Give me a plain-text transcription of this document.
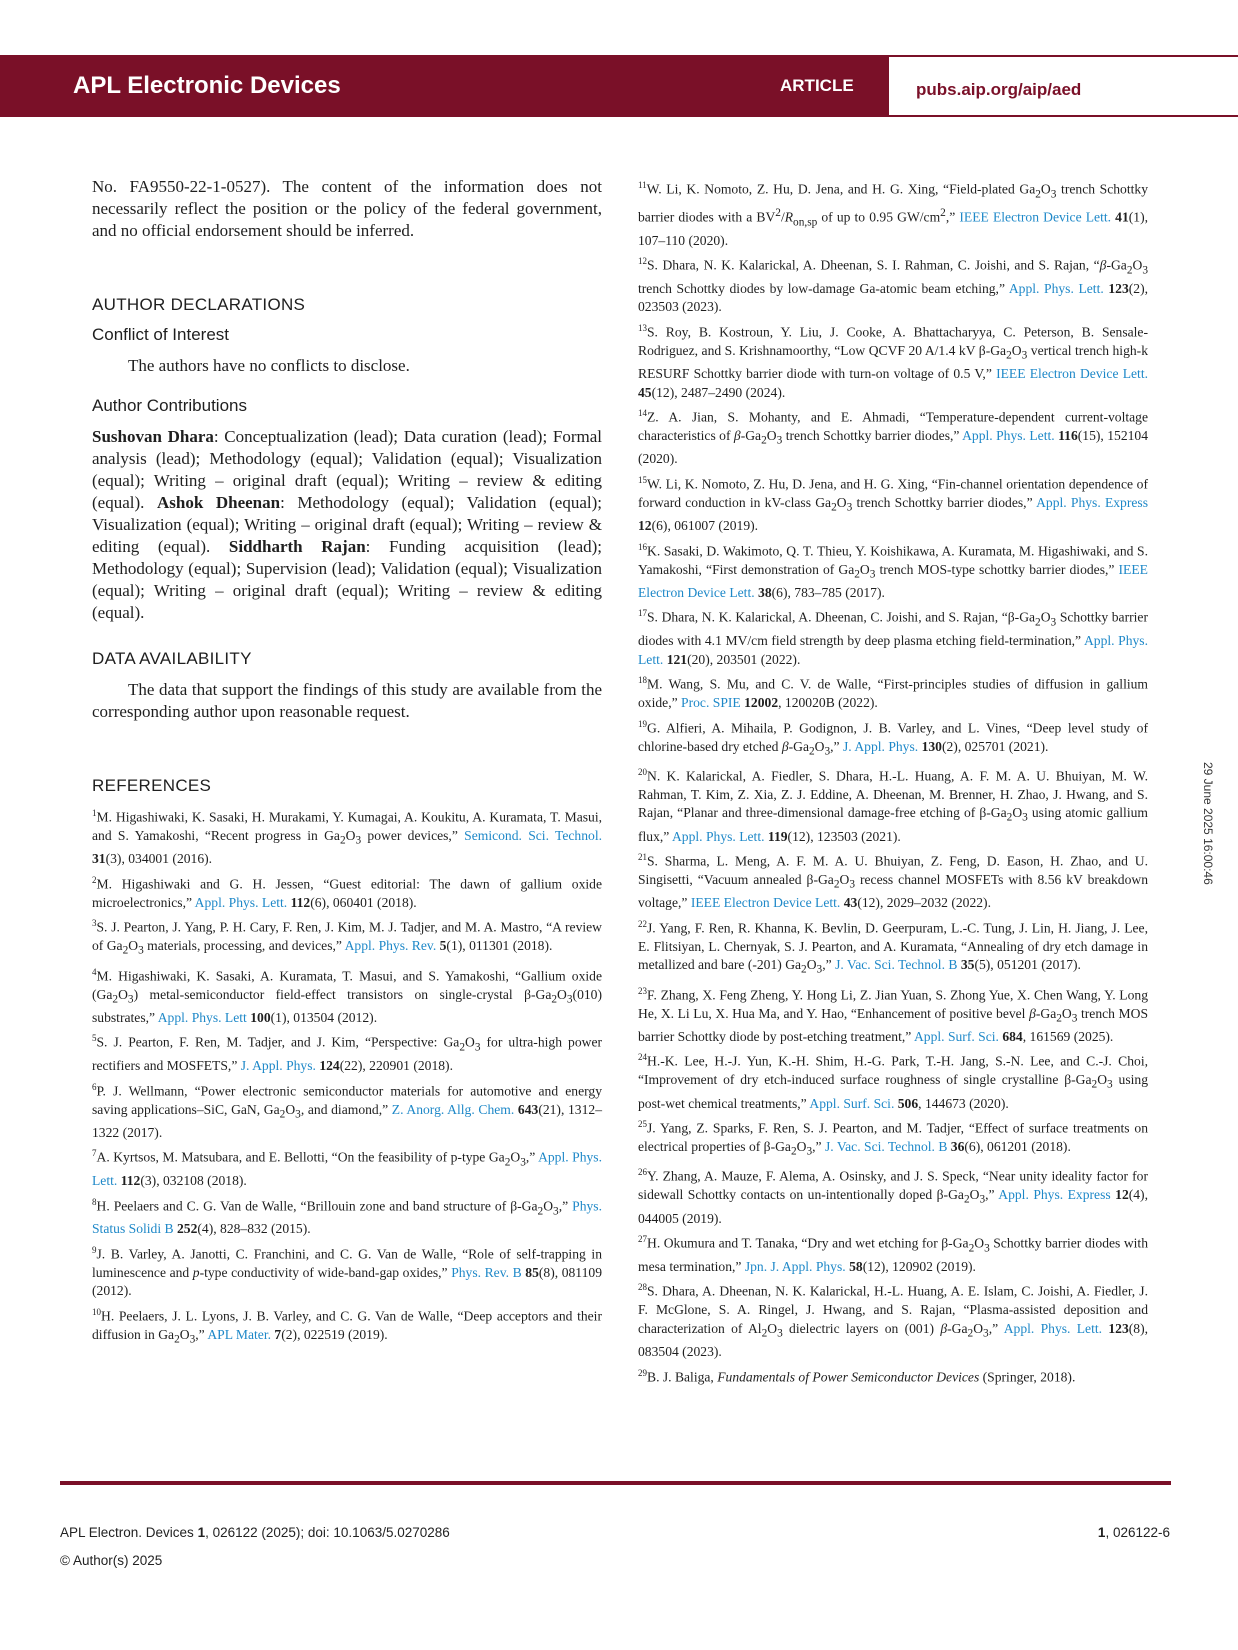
APL Electronic Devices	ARTICLE	pubs.aip.org/aip/aed
29 June 2025 16:00:46

No. FA9550-22-1-0527). The content of the information does not necessarily reflect the position or the policy of the federal government, and no official endorsement should be inferred.

AUTHOR DECLARATIONS
Conflict of Interest

The authors have no conflicts to disclose.

Author Contributions

Sushovan Dhara: Conceptualization (lead); Data curation (lead); Formal analysis (lead); Methodology (equal); Validation (equal); Visualization (equal); Writing – original draft (equal); Writing – review & editing (equal). Ashok Dheenan: Methodology (equal); Validation (equal); Visualization (equal); Writing – original draft (equal); Writing – review & editing (equal). Siddharth Rajan: Funding acquisition (lead); Methodology (equal); Supervision (lead); Validation (equal); Visualization (equal); Writing – original draft (equal); Writing – review & editing (equal).

DATA AVAILABILITY

The data that support the findings of this study are available from the corresponding author upon reasonable request.

REFERENCES

$^1$M. Higashiwaki, K. Sasaki, H. Murakami, Y. Kumagai, A. Koukitu, A. Kuramata, T. Masui, and S. Yamakoshi, “Recent progress in $Ga_2O_3$ power devices,” Semicond. Sci. Technol. 31(3), 034001 (2016).

$^2$M. Higashiwaki and G. H. Jessen, “Guest editorial: The dawn of gallium oxide microelectronics,” Appl. Phys. Lett. 112(6), 060401 (2018).

$^3$S. J. Pearton, J. Yang, P. H. Cary, F. Ren, J. Kim, M. J. Tadjer, and M. A. Mastro, “A review of $Ga_2O_3$ materials, processing, and devices,” Appl. Phys. Rev. 5(1), 011301 (2018).

$^4$M. Higashiwaki, K. Sasaki, A. Kuramata, T. Masui, and S. Yamakoshi, “Gallium oxide $(Ga_2O_3)$ metal-semiconductor field-effect transistors on single-crystal $\beta-Ga_2O_3(010)$ substrates,” Appl. Phys. Lett 100(1), 013504 (2012).

$^5$S. J. Pearton, F. Ren, M. Tadjer, and J. Kim, “Perspective: $Ga_2O_3$ for ultra-high power rectifiers and MOSFETS,” J. Appl. Phys. 124(22), 220901 (2018).

$^6$P. J. Wellmann, “Power electronic semiconductor materials for automotive and energy saving applications–SiC, GaN, $Ga_2O_3$, and diamond,” Z. Anorg. Allg. Chem. 643(21), 1312–1322 (2017).

$^7$A. Kyrtsos, M. Matsubara, and E. Bellotti, “On the feasibility of p-type $Ga_2O_3$,” Appl. Phys. Lett. 112(3), 032108 (2018).

$^8$H. Peelaers and C. G. Van de Walle, “Brillouin zone and band structure of $\beta-Ga_2O_3$,” Phys. Status Solidi B 252(4), 828–832 (2015).

$^9$J. B. Varley, A. Janotti, C. Franchini, and C. G. Van de Walle, “Role of self-trapping in luminescence and p-type conductivity of wide-band-gap oxides,” Phys. Rev. B 85(8), 081109 (2012).

$^{10}$H. Peelaers, J. L. Lyons, J. B. Varley, and C. G. Van de Walle, “Deep acceptors and their diffusion in $Ga_2O_3$,” APL Mater. 7(2), 022519 (2019).

$^{11}$W. Li, K. Nomoto, Z. Hu, D. Jena, and H. G. Xing, “Field-plated $Ga_2O_3$ trench Schottky barrier diodes with a $BV^2/R_{on,sp}$ of up to 0.95 $GW/cm^2$,” IEEE Electron Device Lett. 41(1), 107–110 (2020).

$^{12}$S. Dhara, N. K. Kalarickal, A. Dheenan, S. I. Rahman, C. Joishi, and S. Rajan, “$\beta-Ga_2O_3$ trench Schottky diodes by low-damage Ga-atomic beam etching,” Appl. Phys. Lett. 123(2), 023503 (2023).

$^{13}$S. Roy, B. Kostroun, Y. Liu, J. Cooke, A. Bhattacharyya, C. Peterson, B. Sensale-Rodriguez, and S. Krishnamoorthy, “Low QCVF 20 A/1.4 kV $\beta-Ga_2O_3$ vertical trench high-k RESURF Schottky barrier diode with turn-on voltage of 0.5 V,” IEEE Electron Device Lett. 45(12), 2487–2490 (2024).

$^{14}$Z. A. Jian, S. Mohanty, and E. Ahmadi, “Temperature-dependent current-voltage characteristics of $\beta-Ga_2O_3$ trench Schottky barrier diodes,” Appl. Phys. Lett. 116(15), 152104 (2020).

$^{15}$W. Li, K. Nomoto, Z. Hu, D. Jena, and H. G. Xing, “Fin-channel orientation dependence of forward conduction in kV-class $Ga_2O_3$ trench Schottky barrier diodes,” Appl. Phys. Express 12(6), 061007 (2019).

$^{16}$K. Sasaki, D. Wakimoto, Q. T. Thieu, Y. Koishikawa, A. Kuramata, M. Higashiwaki, and S. Yamakoshi, “First demonstration of $Ga_2O_3$ trench MOS-type schottky barrier diodes,” IEEE Electron Device Lett. 38(6), 783–785 (2017).

$^{17}$S. Dhara, N. K. Kalarickal, A. Dheenan, C. Joishi, and S. Rajan, “$\beta-Ga_2O_3$ Schottky barrier diodes with 4.1 MV/cm field strength by deep plasma etching field-termination,” Appl. Phys. Lett. 121(20), 203501 (2022).

$^{18}$M. Wang, S. Mu, and C. V. de Walle, “First-principles studies of diffusion in gallium oxide,” Proc. SPIE 12002, 120020B (2022).

$^{19}$G. Alfieri, A. Mihaila, P. Godignon, J. B. Varley, and L. Vines, “Deep level study of chlorine-based dry etched $\beta-Ga_2O_3$,” J. Appl. Phys. 130(2), 025701 (2021).

$^{20}$N. K. Kalarickal, A. Fiedler, S. Dhara, H.-L. Huang, A. F. M. A. U. Bhuiyan, M. W. Rahman, T. Kim, Z. Xia, Z. J. Eddine, A. Dheenan, M. Brenner, H. Zhao, J. Hwang, and S. Rajan, “Planar and three-dimensional damage-free etching of $\beta-Ga_2O_3$ using atomic gallium flux,” Appl. Phys. Lett. 119(12), 123503 (2021).

$^{21}$S. Sharma, L. Meng, A. F. M. A. U. Bhuiyan, Z. Feng, D. Eason, H. Zhao, and U. Singisetti, “Vacuum annealed $\beta-Ga_2O_3$ recess channel MOSFETs with 8.56 kV breakdown voltage,” IEEE Electron Device Lett. 43(12), 2029–2032 (2022).

$^{22}$J. Yang, F. Ren, R. Khanna, K. Bevlin, D. Geerpuram, L.-C. Tung, J. Lin, H. Jiang, J. Lee, E. Flitsiyan, L. Chernyak, S. J. Pearton, and A. Kuramata, “Annealing of dry etch damage in metallized and bare (-201) $Ga_2O_3$,” J. Vac. Sci. Technol. B 35(5), 051201 (2017).

$^{23}$F. Zhang, X. Feng Zheng, Y. Hong Li, Z. Jian Yuan, S. Zhong Yue, X. Chen Wang, Y. Long He, X. Li Lu, X. Hua Ma, and Y. Hao, “Enhancement of positive bevel $\beta-Ga_2O_3$ trench MOS barrier Schottky diode by post-etching treatment,” Appl. Surf. Sci. 684, 161569 (2025).

$^{24}$H.-K. Lee, H.-J. Yun, K.-H. Shim, H.-G. Park, T.-H. Jang, S.-N. Lee, and C.-J. Choi, “Improvement of dry etch-induced surface roughness of single crystalline $\beta-Ga_2O_3$ using post-wet chemical treatments,” Appl. Surf. Sci. 506, 144673 (2020).

$^{25}$J. Yang, Z. Sparks, F. Ren, S. J. Pearton, and M. Tadjer, “Effect of surface treatments on electrical properties of $\beta-Ga_2O_3$,” J. Vac. Sci. Technol. B 36(6), 061201 (2018).

$^{26}$Y. Zhang, A. Mauze, F. Alema, A. Osinsky, and J. S. Speck, “Near unity ideality factor for sidewall Schottky contacts on un-intentionally doped $\beta-Ga_2O_3$,” Appl. Phys. Express 12(4), 044005 (2019).

$^{27}$H. Okumura and T. Tanaka, “Dry and wet etching for $\beta-Ga_2O_3$ Schottky barrier diodes with mesa termination,” Jpn. J. Appl. Phys. 58(12), 120902 (2019).

$^{28}$S. Dhara, A. Dheenan, N. K. Kalarickal, H.-L. Huang, A. E. Islam, C. Joishi, A. Fiedler, J. F. McGlone, S. A. Ringel, J. Hwang, and S. Rajan, “Plasma-assisted deposition and characterization of $Al_2O_3$ dielectric layers on (001) $\beta-Ga_2O_3$,” Appl. Phys. Lett. 123(8), 083504 (2023).

$^{29}$B. J. Baliga, Fundamentals of Power Semiconductor Devices (Springer, 2018).

APL Electron. Devices 1, 026122 (2025); doi: 10.1063/5.0270286
© Author(s) 2025
1, 026122-6
